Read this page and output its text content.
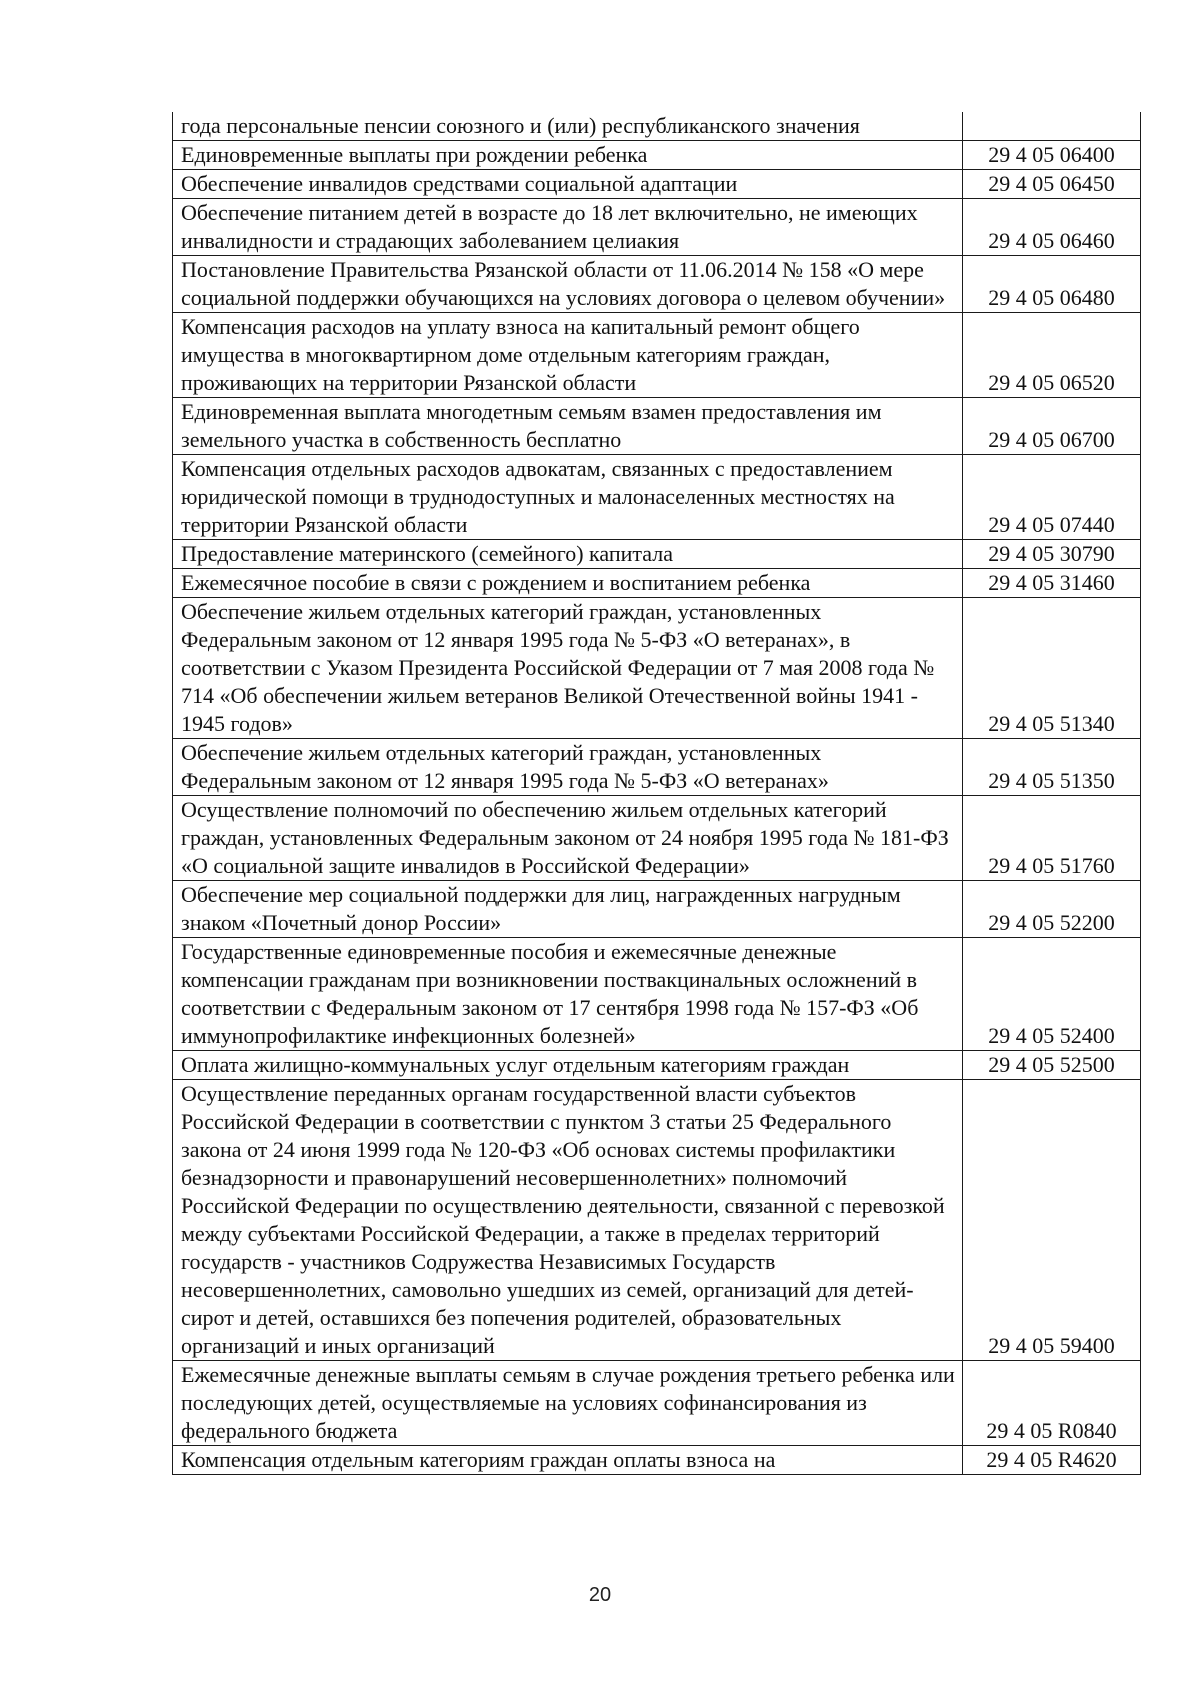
года персональные пенсии союзного и (или) республиканского значения	
Единовременные выплаты при рождении ребенка	29 4 05 06400
Обеспечение инвалидов средствами социальной адаптации	29 4 05 06450
Обеспечение питанием детей в возрасте до 18 лет включительно, не имеющих инвалидности и страдающих заболеванием целиакия	29 4 05 06460
Постановление Правительства Рязанской области от 11.06.2014 № 158 «О мере социальной поддержки обучающихся на условиях договора о целевом обучении»	29 4 05 06480
Компенсация расходов на уплату взноса на капитальный ремонт общего имущества в многоквартирном доме отдельным категориям граждан, проживающих на территории Рязанской области	29 4 05 06520
Единовременная выплата многодетным семьям взамен предоставления им земельного участка в собственность бесплатно	29 4 05 06700
Компенсация отдельных расходов адвокатам, связанных с предоставлением юридической помощи в труднодоступных и малонаселенных местностях на территории Рязанской области	29 4 05 07440
Предоставление материнского (семейного) капитала	29 4 05 30790
Ежемесячное пособие в связи с рождением и воспитанием ребенка	29 4 05 31460
Обеспечение жильем отдельных категорий граждан, установленных Федеральным законом от 12 января 1995 года № 5-ФЗ «О ветеранах», в соответствии с Указом Президента Российской Федерации от 7 мая 2008 года № 714 «Об обеспечении жильем ветеранов Великой Отечественной войны 1941 - 1945 годов»	29 4 05 51340
Обеспечение жильем отдельных категорий граждан, установленных Федеральным законом от 12 января 1995 года № 5-ФЗ «О ветеранах»	29 4 05 51350
Осуществление полномочий по обеспечению жильем отдельных категорий граждан, установленных Федеральным законом от 24 ноября 1995 года № 181-ФЗ «О социальной защите инвалидов в Российской Федерации»	29 4 05 51760
Обеспечение мер социальной поддержки для лиц, награжденных нагрудным знаком «Почетный донор России»	29 4 05 52200
Государственные единовременные пособия и ежемесячные денежные компенсации гражданам при возникновении поствакцинальных осложнений в соответствии с Федеральным законом от 17 сентября 1998 года № 157-ФЗ «Об иммунопрофилактике инфекционных болезней»	29 4 05 52400
Оплата жилищно-коммунальных услуг отдельным категориям граждан	29 4 05 52500
Осуществление переданных органам государственной власти субъектов Российской Федерации в соответствии с пунктом 3 статьи 25 Федерального закона от 24 июня 1999 года № 120-ФЗ «Об основах системы профилактики безнадзорности и правонарушений несовершеннолетних» полномочий Российской Федерации по осуществлению деятельности, связанной с перевозкой между субъектами Российской Федерации, а также в пределах территорий государств - участников Содружества Независимых Государств несовершеннолетних, самовольно ушедших из семей, организаций для детей-сирот и детей, оставшихся без попечения родителей, образовательных организаций и иных организаций	29 4 05 59400
Ежемесячные денежные выплаты семьям в случае рождения третьего ребенка или последующих детей, осуществляемые на условиях софинансирования из федерального бюджета	29 4 05 R0840
Компенсация отдельным категориям граждан оплаты взноса на	29 4 05 R4620
20
